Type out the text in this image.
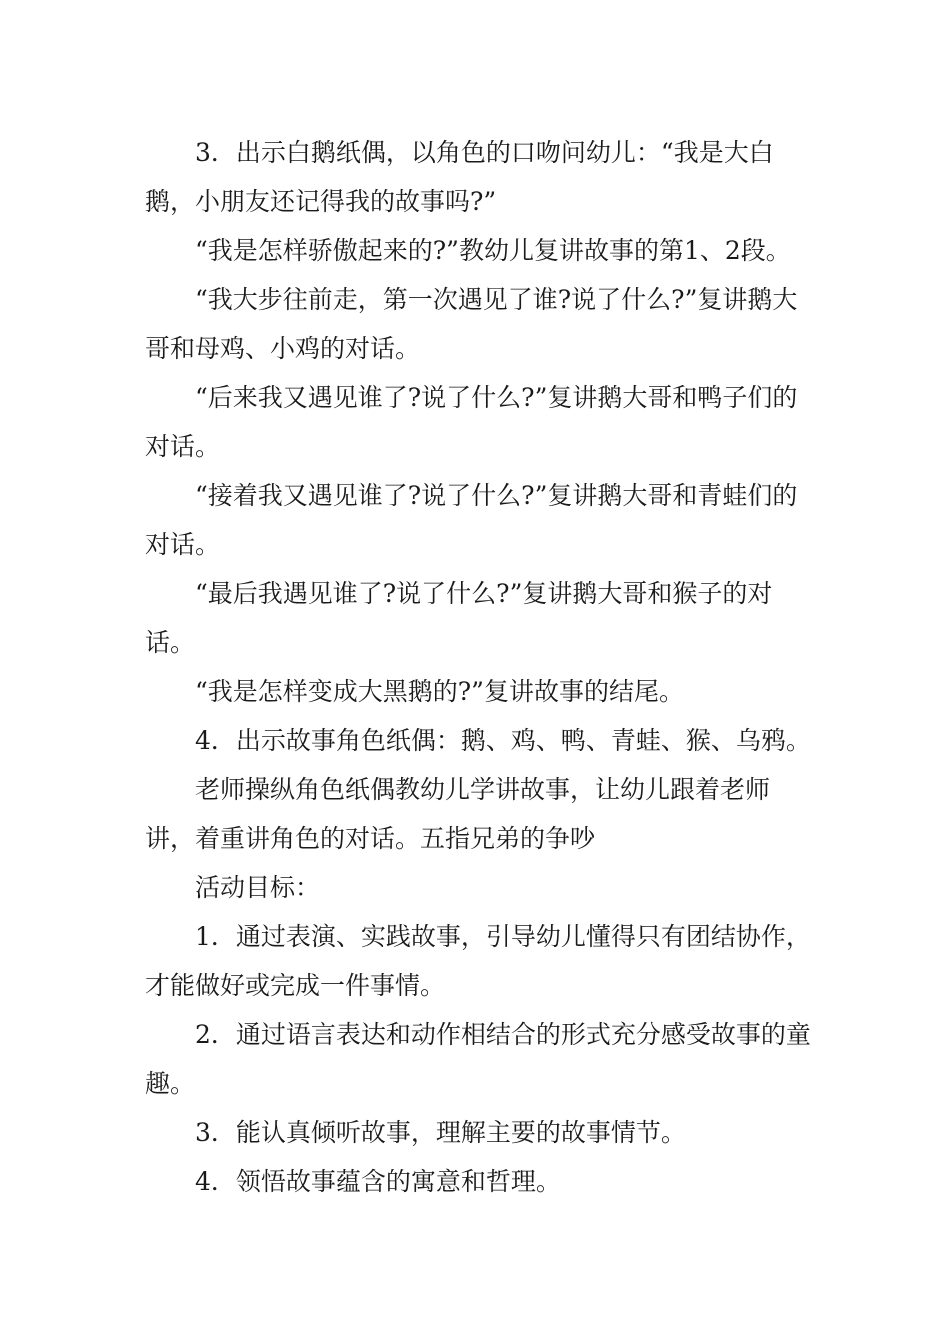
3．出示白鹅纸偶，以角色的口吻问幼儿：“我是大白鹅，小朋友还记得我的故事吗?”

“我是怎样骄傲起来的?”教幼儿复讲故事的第1、2段。

“我大步往前走，第一次遇见了谁?说了什么?”复讲鹅大哥和母鸡、小鸡的对话。

“后来我又遇见谁了?说了什么?”复讲鹅大哥和鸭子们的对话。

“接着我又遇见谁了?说了什么?”复讲鹅大哥和青蛙们的对话。

“最后我遇见谁了?说了什么?”复讲鹅大哥和猴子的对话。

“我是怎样变成大黑鹅的?”复讲故事的结尾。

4．出示故事角色纸偶：鹅、鸡、鸭、青蛙、猴、乌鸦。

老师操纵角色纸偶教幼儿学讲故事，让幼儿跟着老师讲，着重讲角色的对话。五指兄弟的争吵

活动目标：

1．通过表演、实践故事，引导幼儿懂得只有团结协作，才能做好或完成一件事情。

2．通过语言表达和动作相结合的形式充分感受故事的童趣。

3．能认真倾听故事，理解主要的故事情节。

4．领悟故事蕴含的寓意和哲理。
